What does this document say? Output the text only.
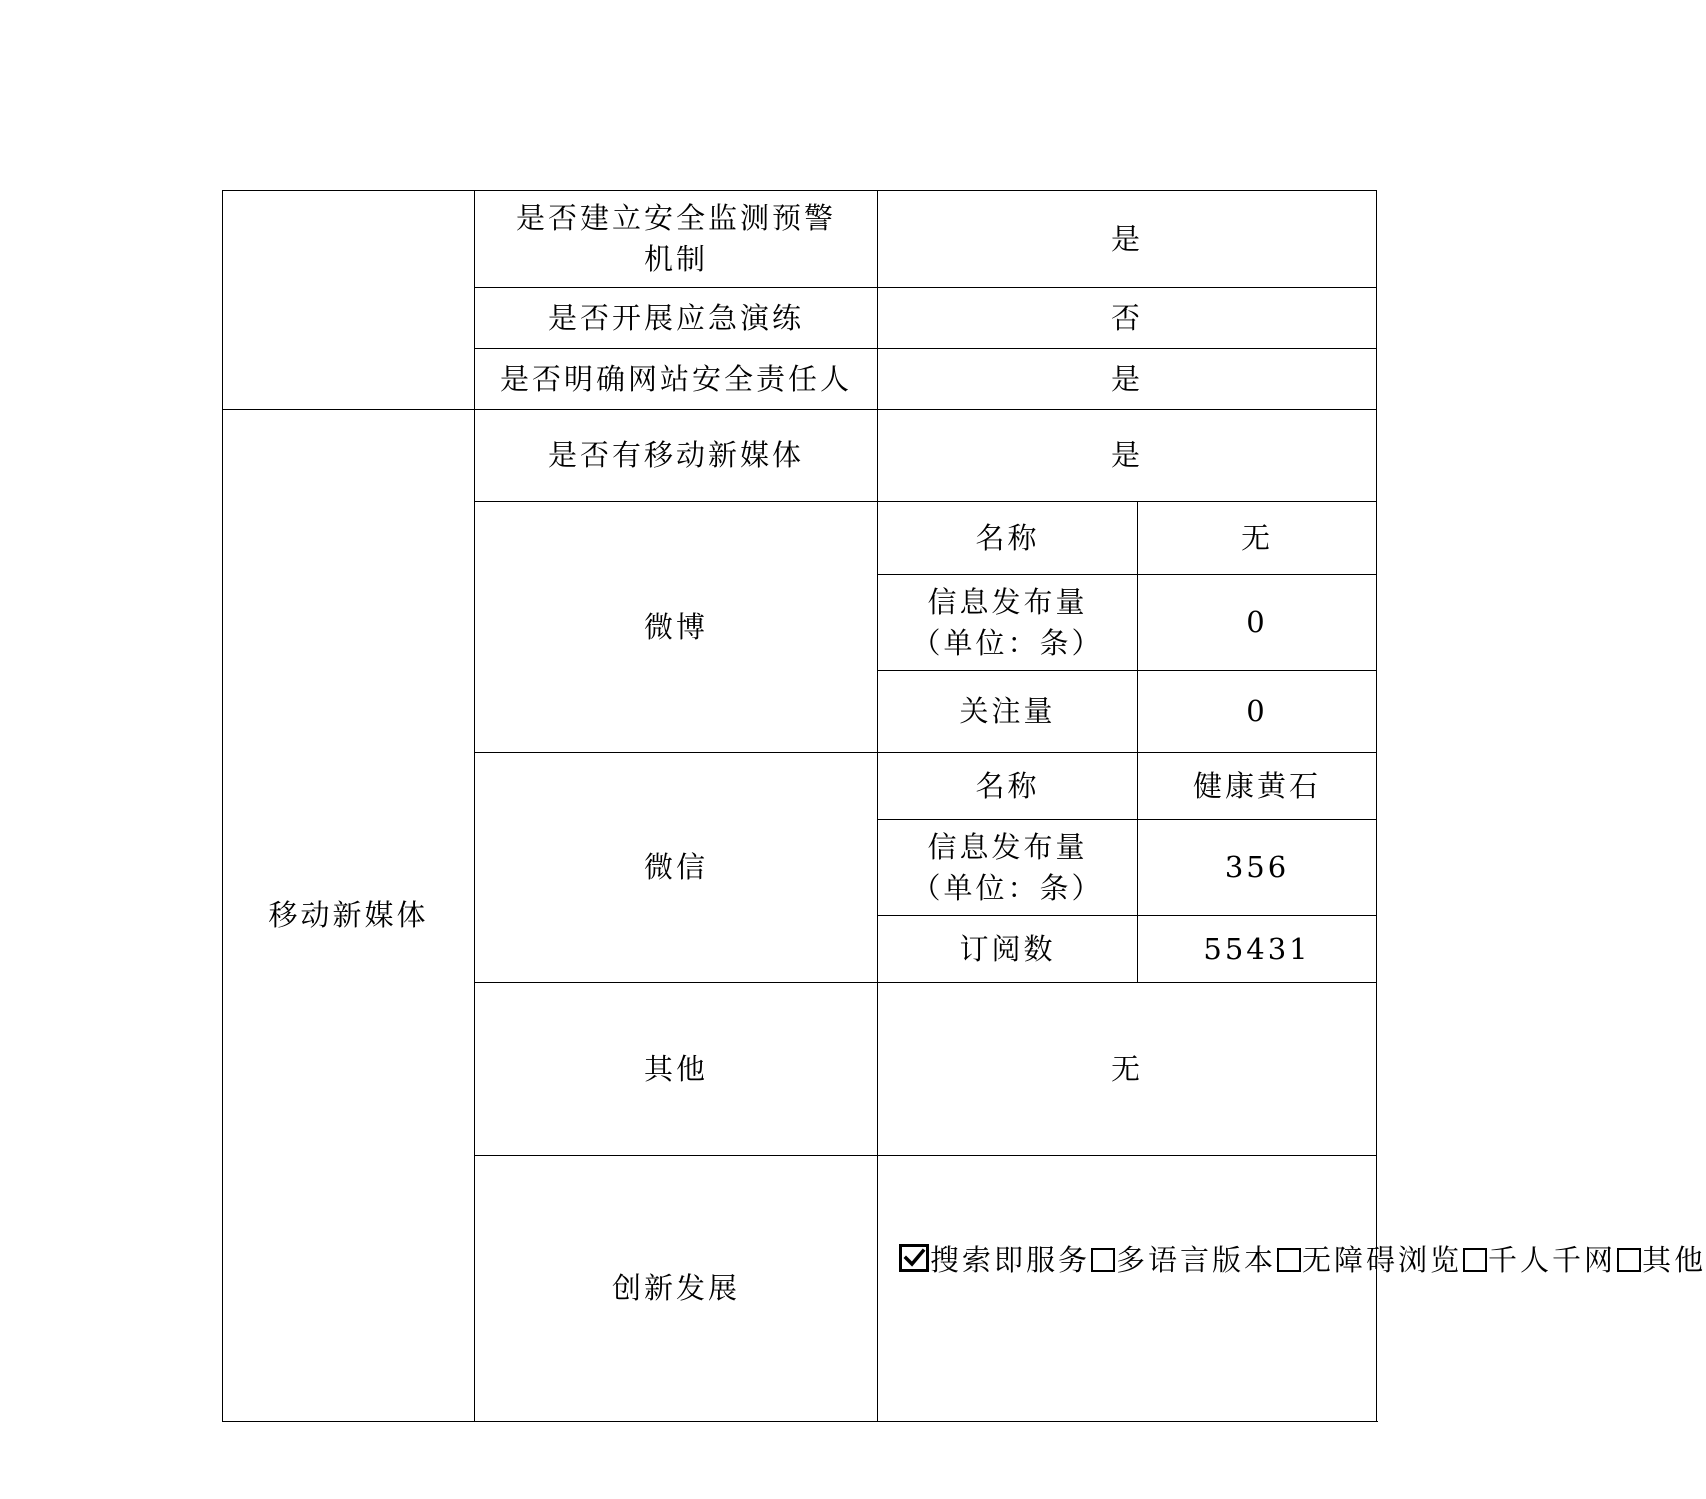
	是否建立安全监测预警机制	是	
	是否开展应急演练	否	
	是否明确网站安全责任人	是	
移动新媒体	是否有移动新媒体	是	
	微博	名称	无

		信息发布量
（单位：条）	0
		关注量	0
	微信	名称	健康黄石

		信息发布量
（单位：条）	356
		订阅数	55431
	其他	无	
	创新发展	搜索即服务 多语言版本 无障碍浏览 千人千网 其他	
